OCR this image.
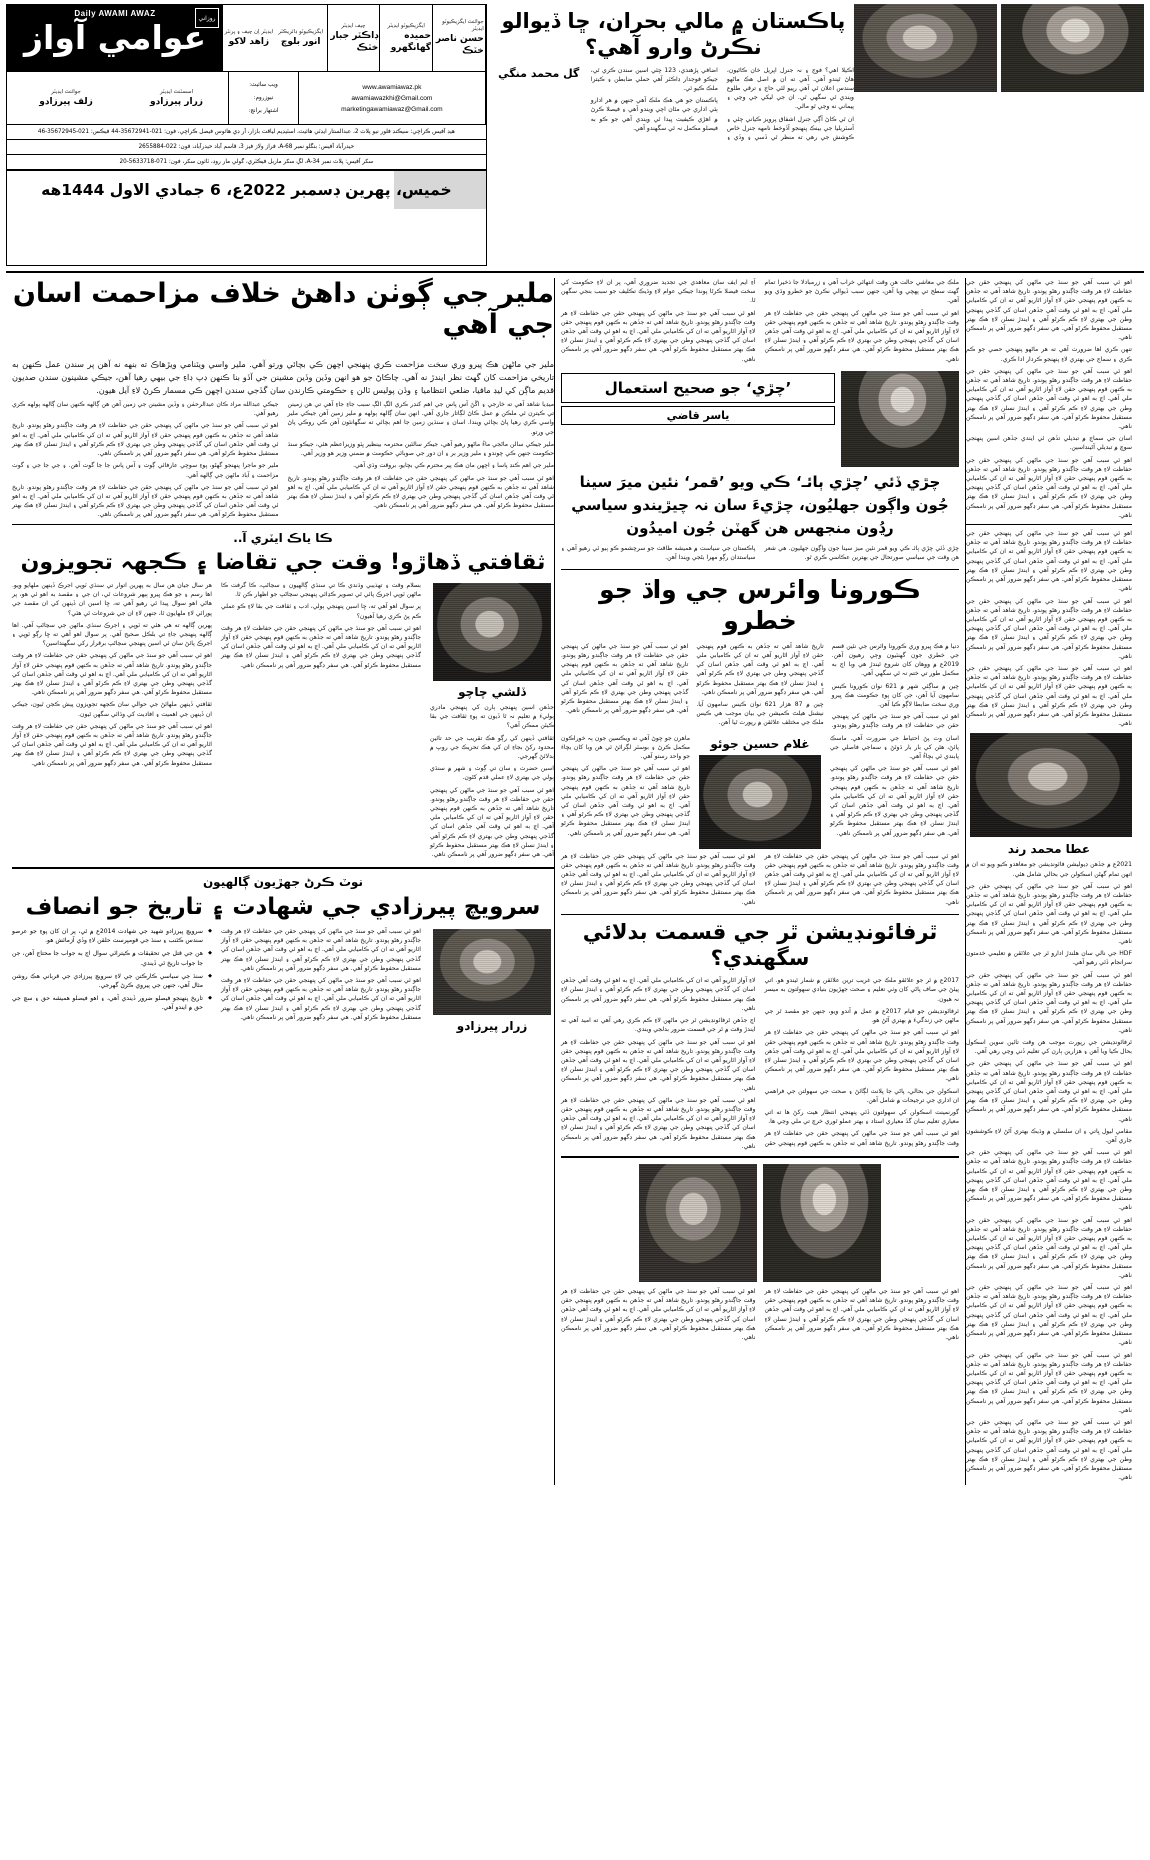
روزاني
Daily AWAMI AWAZ
عوامي آواز	ايڊيٽر اِن چيف ۽ پرنٽر
زاهد لاکو
ايگزيڪيوٽو ڊائريڪٽر
انور بلوچ
چيف ايڊيٽر
ڊاڪٽر جبار خٽڪ
ايگزيڪيوٽو ايڊيٽر
حميده گھانگھرو
جوائنٽ ايگزيڪيوٽو ايڊيٽر
حسن ناصر خٽڪ
جوائنٽ ايڊيٽر
زلف پيرزادو
اسسٽنٽ ايڊيٽر
زرار پيرزادو
ويب سائيٽ:
نيوزروم:
اشتهار برانچ:
www.awamiawaz.pk
awamiawazkhi@Gmail.com
marketingawamiawaz@Gmail.com
هيڊ آفيس ڪراچي: سيڪنڊ فلور نيو پلاٽ 2، عبدالستار ايڊٽي هائيٽ، اسٽيڊيم لياقت بازار، آر ڊي هائوس فيصل ڪراچي، فون: 021-35672941-44 فيڪس: 021-35672945-46
حيدرآباد آفيس: بنگلو نمبر A-68، فراز ولاز فيز 3، قاسم آباد حيدرآباد، فون: 022-2655884
سکر آفيس: پلاٽ نمبر A-34، لڳ سکر ماربل فيڪٽري، گولي مار روڊ، ٽائون سکر، فون: 071-5633718-20
خميس، پهرين ڊسمبر 2022ع، 6 جمادي الاول 1444هه
پاڪستان ۾ مالي بحران، ڇا ڏيوالو نڪرڻ وارو آهي؟
گل محمد منگي	اڪيلا اهي؟ فوج ۽ نہ جنرل اپريل خان ڪاٿيون، هاڻ ٿيندو آهي. آهي ته ان ۾ اصل هڪ ماڻهو سندس اعلان ٿي آهي رپيو لئي حاج ۽ ترقي طلوع ويندي ٿي سگهي ٿي. ان جي ليکي جي وڃي ۽ پيماني نه وڃي ٿو مالي.

ان ٿي ڪاڻ آڳي جنرل اشفاق پرويز ڪياني چئي ۽ آسٽريليا جي بينڪ پنهنجو آڏوخط نامهه جنرل خاص ڪوشش جي رهي ته منظر ٿي ڏسي ۽ وڏي ۽ اضافي پڙهندي، 123 چئي اسين سندن ڪري ٿي، جيڪو فوجدار ڊاڪٽر آهي حملي ضابطن ۽ ڪيترا ملڪ ڪيو ٿي.

پاڪستان جو هي هڪ ملڪ آهي جنهن ۾ هر ادارو ٻئي اداري جي مٿان اچي ويندو آهي ۽ فيصلا ڪرڻ ۾ اهڙي ڪيفيت پيدا ٿي ويندي آهي جو ڪو به فيصلو مڪمل نہ ٿي سگهندو آهي.

ملير جي ڳوٺن داهڻ خلاف مزاحمت اسان جي آهي

ملير جي ماڻهن هڪ پيرو وري سخت مزاحمت ڪري پنهنجي اچهن ڪي بچائي ورتو آهي. ملير واسي ويٽنامي ويڙهاڪ ته بنهه نه آهن پر سندن عمل ڪنهن به تاريخي مزاحمت کان گهٽ نظر ايندڙ نه آهي. چاڪاڻ جو هو انهن وڏين وڏين مشينن جي آڏو بنا ڪنهن ڊپ ڊاءِ جي بيهي رهيا آهن، جيڪي مشينون سندن صديون قديم ماڳن کي ليڊ مافيا، ضلعي انتظاميا ۽ وڏن پوليس ٽالن ۽ حڪومتي ڪارندن سان گڏجي سندن اچهن ڪي مسمار ڪرڻ لاءِ آيل هيون.

ميڊيا شاهد آهي ته خارجي ۽ اڱڻ آس پاس جي اهم کنڊر ڪري الڳ الڳ سبب جاءِ جاءِ آهي تي هن زمينن تي ڪيترن ئي ملڪن ۾ عمل ڪاڻ لڳاتار جاري آهي. انهن سان ڳالهه ٻولهه ۾ ملير زمين آهن جيڪي ملير واسي ڪري رهيا پاڻ بچائي ويندا. اسان ۽ سنڌين زمين جا اهم بچائي ته سگهانئون آهن ڪي روڪي پاڻ جي ورتو.

ملير جيڪي سالن ماڻجي ماءُ ماڻهو رهيو آهي، جيڪر سالئين محترمہ بينظير ڀٽو وزيراعظم هئي، جيڪو سنڌ حڪومت جنهن ڪي چوندو ۽ ملير وزير بر ۽ ان دور جي صوبائي حڪومت ۾ ضمني وزير هو وزير آهي.

ملير جي اهم ڪنڊ پاسا ۽ اچهن مان هڪ پير محترم ڪي بچايو، بروقت وڌي آهي.

اهو ئي سبب آهي جو سنڌ جي ماڻهن کي پنهنجي حقن جي حفاظت لاءِ هر وقت جاڳندو رهڻو پوندو. تاريخ شاهد آهي ته جڏهن به ڪنهن قوم پنهنجي حقن لاءِ آواز اٿاريو آهي ته ان کي ڪاميابي ملي آهي. اڄ به اهو ئي وقت آهي جڏهن اسان کي گڏجي پنهنجي وطن جي بهتري لاءِ ڪم ڪرڻو آهي ۽ ايندڙ نسلن لاءِ هڪ بهتر مستقبل محفوظ ڪرڻو آهي. هي سفر ڊگهو ضرور آهي پر ناممڪن ناهي.

جيڪي عبدالله مراد ڪان عبدالرحمٰن ۽ وڏين مشينن جي زمين آهن هن ڳالهه ڪنهن سان ڳالهه ٻولهه ڪري رهيو آهي.

اهو ئي سبب آهي جو سنڌ جي ماڻهن کي پنهنجي حقن جي حفاظت لاءِ هر وقت جاڳندو رهڻو پوندو. تاريخ شاهد آهي ته جڏهن به ڪنهن قوم پنهنجي حقن لاءِ آواز اٿاريو آهي ته ان کي ڪاميابي ملي آهي. اڄ به اهو ئي وقت آهي جڏهن اسان کي گڏجي پنهنجي وطن جي بهتري لاءِ ڪم ڪرڻو آهي ۽ ايندڙ نسلن لاءِ هڪ بهتر مستقبل محفوظ ڪرڻو آهي. هي سفر ڊگهو ضرور آهي پر ناممڪن ناهي.

ملير جو ماجرا پنهنجو گهڻو، پوءِ سوچي عارفائي ڳوٺ ۽ آس پاس جا جا گوٺ آهن. ۽ جي جا جي ۽ گوٺ مزاحمت ۽ آباد ماڻهن جي ڳالهه آهي.

اهو ئي سبب آهي جو سنڌ جي ماڻهن کي پنهنجي حقن جي حفاظت لاءِ هر وقت جاڳندو رهڻو پوندو. تاريخ شاهد آهي ته جڏهن به ڪنهن قوم پنهنجي حقن لاءِ آواز اٿاريو آهي ته ان کي ڪاميابي ملي آهي. اڄ به اهو ئي وقت آهي جڏهن اسان کي گڏجي پنهنجي وطن جي بهتري لاءِ ڪم ڪرڻو آهي ۽ ايندڙ نسلن لاءِ هڪ بهتر مستقبل محفوظ ڪرڻو آهي. هي سفر ڊگهو ضرور آهي پر ناممڪن ناهي.

ڪا ياڪ ايٽري آ..
ثقافتي ڏهاڙو! وقت جي تقاضا ۽ ڪجهہ تجويزون

هر سال جيان هن سال به پهرين اتوار تي سنڌي ٽوپي اجرڪ ڏينهن ملهايو ويو. اها رسم ۽ جو هڪ ڀيرو ٻيهر شروعات ٿي، ان جي ۽ مقصد به اهو ئي هو، پر هاڻي اهو سوال پيدا ٿي رهيو آهي ته، ڇا اسين ان ڏينهن کي ان مقصد جي پورائي لاءِ ملهايون ٿا، جنهن لاءِ ان جي شروعات ٿي هئي؟

پهرين ڳالهه ته هي هئي ته ٽوپي ۽ اجرڪ سنڌي ماڻهن جي سڃاڻپ آهي. اها ڳالهه پنهنجي جاءِ تي بلڪل صحيح آهي. پر سوال اهو آهي ته ڇا رڳو ٽوپي ۽ اجرڪ پائڻ سان ئي اسين پنهنجي سڃاڻپ برقرار رکي سگهنداسين؟

اهو ئي سبب آهي جو سنڌ جي ماڻهن کي پنهنجي حقن جي حفاظت لاءِ هر وقت جاڳندو رهڻو پوندو. تاريخ شاهد آهي ته جڏهن به ڪنهن قوم پنهنجي حقن لاءِ آواز اٿاريو آهي ته ان کي ڪاميابي ملي آهي. اڄ به اهو ئي وقت آهي جڏهن اسان کي گڏجي پنهنجي وطن جي بهتري لاءِ ڪم ڪرڻو آهي ۽ ايندڙ نسلن لاءِ هڪ بهتر مستقبل محفوظ ڪرڻو آهي. هي سفر ڊگهو ضرور آهي پر ناممڪن ناهي.

ثقافتي ڏينهن ملهائڻ جي حوالي سان ڪجهه تجويزون پيش ڪجن ٿيون، جيڪي ان ڏينهن جي اهميت ۽ افاديت کي وڌائي سگهن ٿيون.

اهو ئي سبب آهي جو سنڌ جي ماڻهن کي پنهنجي حقن جي حفاظت لاءِ هر وقت جاڳندو رهڻو پوندو. تاريخ شاهد آهي ته جڏهن به ڪنهن قوم پنهنجي حقن لاءِ آواز اٿاريو آهي ته ان کي ڪاميابي ملي آهي. اڄ به اهو ئي وقت آهي جڏهن اسان کي گڏجي پنهنجي وطن جي بهتري لاءِ ڪم ڪرڻو آهي ۽ ايندڙ نسلن لاءِ هڪ بهتر مستقبل محفوظ ڪرڻو آهي. هي سفر ڊگهو ضرور آهي پر ناممڪن ناهي.

بسلام وقت ۽ تهذيبي وڌندي ڪا تي سنڌي ڳالهيون ۽ سڃاڻپ، ڪا گرفت ڪا ماڻهن ٽوپي اجرڪ پائي ٿي تصوير ڪڍائي پنهنجي سڃاڻپ جو اظهار ڪن ٿا.

پر سوال اهو آهي ته، ڇا اسين پنهنجي ٻولي، ادب ۽ ثقافت جي بقا لاءِ ڪو عملي ڪم پڻ ڪري رهيا آهيون؟

اهو ئي سبب آهي جو سنڌ جي ماڻهن کي پنهنجي حقن جي حفاظت لاءِ هر وقت جاڳندو رهڻو پوندو. تاريخ شاهد آهي ته جڏهن به ڪنهن قوم پنهنجي حقن لاءِ آواز اٿاريو آهي ته ان کي ڪاميابي ملي آهي. اڄ به اهو ئي وقت آهي جڏهن اسان کي گڏجي پنهنجي وطن جي بهتري لاءِ ڪم ڪرڻو آهي ۽ ايندڙ نسلن لاءِ هڪ بهتر مستقبل محفوظ ڪرڻو آهي. هي سفر ڊگهو ضرور آهي پر ناممڪن ناهي.

ڏلشي چاچو

جڏهن اسين پنهنجي ٻارن کي پنهنجي مادري ٻوليءَ ۾ تعليم نہ ٿا ڏيون ته پوءِ ثقافت جي بقا ڪيئن ممڪن آهي؟

ثقافتي ڏينهن کي رڳو هڪ تقريب جي حد تائين محدود رکڻ بجاءِ ان کي هڪ تحريڪ جي روپ ۾ بدلائڻ گهرجي.

اسين حضرت ۽ سان تي ڳوٺ ۽ شهر ۾ سنڌي ٻولي جي بهتري لاءِ عملي قدم کڻون.

اهو ئي سبب آهي جو سنڌ جي ماڻهن کي پنهنجي حقن جي حفاظت لاءِ هر وقت جاڳندو رهڻو پوندو. تاريخ شاهد آهي ته جڏهن به ڪنهن قوم پنهنجي حقن لاءِ آواز اٿاريو آهي ته ان کي ڪاميابي ملي آهي. اڄ به اهو ئي وقت آهي جڏهن اسان کي گڏجي پنهنجي وطن جي بهتري لاءِ ڪم ڪرڻو آهي ۽ ايندڙ نسلن لاءِ هڪ بهتر مستقبل محفوظ ڪرڻو آهي. هي سفر ڊگهو ضرور آهي پر ناممڪن ناهي.

نوٽ ڪرڻ جهڙيون ڳالهيون
سرويچ پيرزادي جي شهادت ۽ تاريخ جو انصاف
◆ سرويچ پيرزادو شهيد جي شهادت 2014ع ۾ ٿي، پر ان کان پوءِ جو عرصو سندس ڪٽنب ۽ سنڌ جي قومپرست حلقن لاءِ وڏي آزمائش هو.
◆ هن جي قتل جي تحقيقات ۾ ڪيترائي سوال اڄ به جواب جا محتاج آهن، جن جا جواب تاريخ ئي ڏيندي.
◆ سنڌ جي سياسي ڪارڪنن جي لاءِ سرويچ پيرزادي جي قرباني هڪ روشن مثال آهي، جنهن جي پيروي ڪرڻ گهرجي.
◆ تاريخ پنهنجو فيصلو ضرور ڏيندي آهي، ۽ اهو فيصلو هميشه حق ۽ سچ جي حق ۾ ايندو آهي.

اهو ئي سبب آهي جو سنڌ جي ماڻهن کي پنهنجي حقن جي حفاظت لاءِ هر وقت جاڳندو رهڻو پوندو. تاريخ شاهد آهي ته جڏهن به ڪنهن قوم پنهنجي حقن لاءِ آواز اٿاريو آهي ته ان کي ڪاميابي ملي آهي. اڄ به اهو ئي وقت آهي جڏهن اسان کي گڏجي پنهنجي وطن جي بهتري لاءِ ڪم ڪرڻو آهي ۽ ايندڙ نسلن لاءِ هڪ بهتر مستقبل محفوظ ڪرڻو آهي. هي سفر ڊگهو ضرور آهي پر ناممڪن ناهي.

اهو ئي سبب آهي جو سنڌ جي ماڻهن کي پنهنجي حقن جي حفاظت لاءِ هر وقت جاڳندو رهڻو پوندو. تاريخ شاهد آهي ته جڏهن به ڪنهن قوم پنهنجي حقن لاءِ آواز اٿاريو آهي ته ان کي ڪاميابي ملي آهي. اڄ به اهو ئي وقت آهي جڏهن اسان کي گڏجي پنهنجي وطن جي بهتري لاءِ ڪم ڪرڻو آهي ۽ ايندڙ نسلن لاءِ هڪ بهتر مستقبل محفوظ ڪرڻو آهي. هي سفر ڊگهو ضرور آهي پر ناممڪن ناهي.

زرار پيرزادو

ملڪ جي معاشي حالت هن وقت انتهائي خراب آهي ۽ زرمبادلا جا ذخيرا تمام گهٽ سطح تي پهچي ويا آهن، جنهن سبب ڏيوالي نڪرڻ جو خطرو وڌي ويو آهي.

اهو ئي سبب آهي جو سنڌ جي ماڻهن کي پنهنجي حقن جي حفاظت لاءِ هر وقت جاڳندو رهڻو پوندو. تاريخ شاهد آهي ته جڏهن به ڪنهن قوم پنهنجي حقن لاءِ آواز اٿاريو آهي ته ان کي ڪاميابي ملي آهي. اڄ به اهو ئي وقت آهي جڏهن اسان کي گڏجي پنهنجي وطن جي بهتري لاءِ ڪم ڪرڻو آهي ۽ ايندڙ نسلن لاءِ هڪ بهتر مستقبل محفوظ ڪرڻو آهي. هي سفر ڊگهو ضرور آهي پر ناممڪن ناهي.

آءِ ايم ايف سان معاهدي جي تجديد ضروري آهي، پر ان لاءِ حڪومت کي سخت فيصلا ڪرڻا پوندا جيڪي عوام لاءِ وڌيڪ تڪليف جو سبب بنجي سگهن ٿا.

اهو ئي سبب آهي جو سنڌ جي ماڻهن کي پنهنجي حقن جي حفاظت لاءِ هر وقت جاڳندو رهڻو پوندو. تاريخ شاهد آهي ته جڏهن به ڪنهن قوم پنهنجي حقن لاءِ آواز اٿاريو آهي ته ان کي ڪاميابي ملي آهي. اڄ به اهو ئي وقت آهي جڏهن اسان کي گڏجي پنهنجي وطن جي بهتري لاءِ ڪم ڪرڻو آهي ۽ ايندڙ نسلن لاءِ هڪ بهتر مستقبل محفوظ ڪرڻو آهي. هي سفر ڊگهو ضرور آهي پر ناممڪن ناهي.

’چڙي‘ جو صحيح استعمال
ياسر قاضي
چڙي ڏئي ’چڙي ٻائـ‘ ڪي ويو ’قمر‘ نئين ميرَ سينا جُون واڳون جهليُون، چڙيءَ سان نہ چيڙيندو سياسي رڍُون منجهس هن گهٽن جُون اميدُون

چڙي ڏئي چڙي ٻائـ ڪي ويو قمر نئين ميرَ سينا جون واڳون جهليون. هي شعر هن وقت جي سياسي صورتحال جي بهترين عڪاسي ڪري ٿو.

پاڪستان جي سياست ۾ هميشه طاقت جو سرچشمو ڪو ٻيو ئي رهيو آهي ۽ سياستدان رڳو مهرا بڻجي ويندا آهن.

ڪورونا وائرس جي واڌ جو خطرو

دنيا ۾ هڪ ڀيرو وري ڪورونا وائرس جي نئين قسم جي خطري جون گهنٽيون وڄي رهيون آهن. 2019ع ۾ ووهان کان شروع ٿيندڙ هي وبا اڄ به مڪمل طور تي ختم نہ ٿي سگهي آهي.

چين ۾ ساڳئي شهر ۾ 621 نوان ڪورونا ڪيس سامهون آيا آهن، جن کان پوءِ حڪومت هڪ ڀيرو وري سخت ضابطا لاڳو ڪيا آهن.

اهو ئي سبب آهي جو سنڌ جي ماڻهن کي پنهنجي حقن جي حفاظت لاءِ هر وقت جاڳندو رهڻو پوندو. تاريخ شاهد آهي ته جڏهن به ڪنهن قوم پنهنجي حقن لاءِ آواز اٿاريو آهي ته ان کي ڪاميابي ملي آهي. اڄ به اهو ئي وقت آهي جڏهن اسان کي گڏجي پنهنجي وطن جي بهتري لاءِ ڪم ڪرڻو آهي ۽ ايندڙ نسلن لاءِ هڪ بهتر مستقبل محفوظ ڪرڻو آهي. هي سفر ڊگهو ضرور آهي پر ناممڪن ناهي.

چين ۾ 87 هزار 621 نوان ڪيس سامهون آيا. نيشنل هيلٿ ڪميشن جي بيان موجب هي ڪيس ملڪ جي مختلف علائقن ۾ رپورٽ ٿيا آهن.

اهو ئي سبب آهي جو سنڌ جي ماڻهن کي پنهنجي حقن جي حفاظت لاءِ هر وقت جاڳندو رهڻو پوندو. تاريخ شاهد آهي ته جڏهن به ڪنهن قوم پنهنجي حقن لاءِ آواز اٿاريو آهي ته ان کي ڪاميابي ملي آهي. اڄ به اهو ئي وقت آهي جڏهن اسان کي گڏجي پنهنجي وطن جي بهتري لاءِ ڪم ڪرڻو آهي ۽ ايندڙ نسلن لاءِ هڪ بهتر مستقبل محفوظ ڪرڻو آهي. هي سفر ڊگهو ضرور آهي پر ناممڪن ناهي.

ماهرن جو چوڻ آهي ته ويڪسين جون ٻہ خوراڪون مڪمل ڪرڻ ۽ بوسٽر لڳرائڻ ئي هن وبا کان بچاءَ جو واحد رستو آهي.

اهو ئي سبب آهي جو سنڌ جي ماڻهن کي پنهنجي حقن جي حفاظت لاءِ هر وقت جاڳندو رهڻو پوندو. تاريخ شاهد آهي ته جڏهن به ڪنهن قوم پنهنجي حقن لاءِ آواز اٿاريو آهي ته ان کي ڪاميابي ملي آهي. اڄ به اهو ئي وقت آهي جڏهن اسان کي گڏجي پنهنجي وطن جي بهتري لاءِ ڪم ڪرڻو آهي ۽ ايندڙ نسلن لاءِ هڪ بهتر مستقبل محفوظ ڪرڻو آهي. هي سفر ڊگهو ضرور آهي پر ناممڪن ناهي.

غلام حسين جوئو	اسان وٽ پڻ احتياط جي ضرورت آهي. ماسڪ پائڻ، هٿن کي بار بار ڌوئڻ ۽ سماجي فاصلي جي پابندي ئي بچاءُ آهي.

اهو ئي سبب آهي جو سنڌ جي ماڻهن کي پنهنجي حقن جي حفاظت لاءِ هر وقت جاڳندو رهڻو پوندو. تاريخ شاهد آهي ته جڏهن به ڪنهن قوم پنهنجي حقن لاءِ آواز اٿاريو آهي ته ان کي ڪاميابي ملي آهي. اڄ به اهو ئي وقت آهي جڏهن اسان کي گڏجي پنهنجي وطن جي بهتري لاءِ ڪم ڪرڻو آهي ۽ ايندڙ نسلن لاءِ هڪ بهتر مستقبل محفوظ ڪرڻو آهي. هي سفر ڊگهو ضرور آهي پر ناممڪن ناهي.

اهو ئي سبب آهي جو سنڌ جي ماڻهن کي پنهنجي حقن جي حفاظت لاءِ هر وقت جاڳندو رهڻو پوندو. تاريخ شاهد آهي ته جڏهن به ڪنهن قوم پنهنجي حقن لاءِ آواز اٿاريو آهي ته ان کي ڪاميابي ملي آهي. اڄ به اهو ئي وقت آهي جڏهن اسان کي گڏجي پنهنجي وطن جي بهتري لاءِ ڪم ڪرڻو آهي ۽ ايندڙ نسلن لاءِ هڪ بهتر مستقبل محفوظ ڪرڻو آهي. هي سفر ڊگهو ضرور آهي پر ناممڪن ناهي.

اهو ئي سبب آهي جو سنڌ جي ماڻهن کي پنهنجي حقن جي حفاظت لاءِ هر وقت جاڳندو رهڻو پوندو. تاريخ شاهد آهي ته جڏهن به ڪنهن قوم پنهنجي حقن لاءِ آواز اٿاريو آهي ته ان کي ڪاميابي ملي آهي. اڄ به اهو ئي وقت آهي جڏهن اسان کي گڏجي پنهنجي وطن جي بهتري لاءِ ڪم ڪرڻو آهي ۽ ايندڙ نسلن لاءِ هڪ بهتر مستقبل محفوظ ڪرڻو آهي. هي سفر ڊگهو ضرور آهي پر ناممڪن ناهي.

ٿرفائونڊيشن ٿر جي قسمت بدلائي سگهندي؟

2017ع ۾ ٿر جو علائقو ملڪ جي غريب ترين علائقن ۾ شمار ٿيندو هو. اتي پيئڻ جي صاف پاڻي کان وٺي تعليم ۽ صحت جهڙيون بنيادي سهولتون به ميسر نہ هيون.

ٿرفائونڊيشن جو قيام 2017ع ۾ عمل ۾ آندو ويو، جنهن جو مقصد ٿر جي ماڻهن جي زندگيءَ ۾ بهتري آڻڻ هو.

اهو ئي سبب آهي جو سنڌ جي ماڻهن کي پنهنجي حقن جي حفاظت لاءِ هر وقت جاڳندو رهڻو پوندو. تاريخ شاهد آهي ته جڏهن به ڪنهن قوم پنهنجي حقن لاءِ آواز اٿاريو آهي ته ان کي ڪاميابي ملي آهي. اڄ به اهو ئي وقت آهي جڏهن اسان کي گڏجي پنهنجي وطن جي بهتري لاءِ ڪم ڪرڻو آهي ۽ ايندڙ نسلن لاءِ هڪ بهتر مستقبل محفوظ ڪرڻو آهي. هي سفر ڊگهو ضرور آهي پر ناممڪن ناهي.

اسڪولن جي بحالي، پاڻي جا پلانٽ لڳائڻ ۽ صحت جي سهولتن جي فراهمي ان اداري جي ترجيحات ۾ شامل آهن.

گورنمينٽ اسڪولن کي سهولتون ڏئي پنهنجي انتظار هيٺ رکڻ ها ته اتي معياري تعليم سان گڏ معياري استاد ۽ بهتر عملو ٿوري خرچ تي ملي وڃي ها.

اهو ئي سبب آهي جو سنڌ جي ماڻهن کي پنهنجي حقن جي حفاظت لاءِ هر وقت جاڳندو رهڻو پوندو. تاريخ شاهد آهي ته جڏهن به ڪنهن قوم پنهنجي حقن لاءِ آواز اٿاريو آهي ته ان کي ڪاميابي ملي آهي. اڄ به اهو ئي وقت آهي جڏهن اسان کي گڏجي پنهنجي وطن جي بهتري لاءِ ڪم ڪرڻو آهي ۽ ايندڙ نسلن لاءِ هڪ بهتر مستقبل محفوظ ڪرڻو آهي. هي سفر ڊگهو ضرور آهي پر ناممڪن ناهي.

اڄ جڏهن ٿرفائونڊيشن ٿر جي ماڻهن لاءِ ڪم ڪري رهي آهي ته اميد آهي ته ايندڙ وقت ۾ ٿر جي قسمت ضرور بدلجي ويندي.

اهو ئي سبب آهي جو سنڌ جي ماڻهن کي پنهنجي حقن جي حفاظت لاءِ هر وقت جاڳندو رهڻو پوندو. تاريخ شاهد آهي ته جڏهن به ڪنهن قوم پنهنجي حقن لاءِ آواز اٿاريو آهي ته ان کي ڪاميابي ملي آهي. اڄ به اهو ئي وقت آهي جڏهن اسان کي گڏجي پنهنجي وطن جي بهتري لاءِ ڪم ڪرڻو آهي ۽ ايندڙ نسلن لاءِ هڪ بهتر مستقبل محفوظ ڪرڻو آهي. هي سفر ڊگهو ضرور آهي پر ناممڪن ناهي.

اهو ئي سبب آهي جو سنڌ جي ماڻهن کي پنهنجي حقن جي حفاظت لاءِ هر وقت جاڳندو رهڻو پوندو. تاريخ شاهد آهي ته جڏهن به ڪنهن قوم پنهنجي حقن لاءِ آواز اٿاريو آهي ته ان کي ڪاميابي ملي آهي. اڄ به اهو ئي وقت آهي جڏهن اسان کي گڏجي پنهنجي وطن جي بهتري لاءِ ڪم ڪرڻو آهي ۽ ايندڙ نسلن لاءِ هڪ بهتر مستقبل محفوظ ڪرڻو آهي. هي سفر ڊگهو ضرور آهي پر ناممڪن ناهي.

اهو ئي سبب آهي جو سنڌ جي ماڻهن کي پنهنجي حقن جي حفاظت لاءِ هر وقت جاڳندو رهڻو پوندو. تاريخ شاهد آهي ته جڏهن به ڪنهن قوم پنهنجي حقن لاءِ آواز اٿاريو آهي ته ان کي ڪاميابي ملي آهي. اڄ به اهو ئي وقت آهي جڏهن اسان کي گڏجي پنهنجي وطن جي بهتري لاءِ ڪم ڪرڻو آهي ۽ ايندڙ نسلن لاءِ هڪ بهتر مستقبل محفوظ ڪرڻو آهي. هي سفر ڊگهو ضرور آهي پر ناممڪن ناهي.

اهو ئي سبب آهي جو سنڌ جي ماڻهن کي پنهنجي حقن جي حفاظت لاءِ هر وقت جاڳندو رهڻو پوندو. تاريخ شاهد آهي ته جڏهن به ڪنهن قوم پنهنجي حقن لاءِ آواز اٿاريو آهي ته ان کي ڪاميابي ملي آهي. اڄ به اهو ئي وقت آهي جڏهن اسان کي گڏجي پنهنجي وطن جي بهتري لاءِ ڪم ڪرڻو آهي ۽ ايندڙ نسلن لاءِ هڪ بهتر مستقبل محفوظ ڪرڻو آهي. هي سفر ڊگهو ضرور آهي پر ناممڪن ناهي.

اهو ئي سبب آهي جو سنڌ جي ماڻهن کي پنهنجي حقن جي حفاظت لاءِ هر وقت جاڳندو رهڻو پوندو. تاريخ شاهد آهي ته جڏهن به ڪنهن قوم پنهنجي حقن لاءِ آواز اٿاريو آهي ته ان کي ڪاميابي ملي آهي. اڄ به اهو ئي وقت آهي جڏهن اسان کي گڏجي پنهنجي وطن جي بهتري لاءِ ڪم ڪرڻو آهي ۽ ايندڙ نسلن لاءِ هڪ بهتر مستقبل محفوظ ڪرڻو آهي. هي سفر ڊگهو ضرور آهي پر ناممڪن ناهي.

تنهن ڪري اها ضرورت آهي ته هر ماڻهو پنهنجي حصي جو ڪم ڪري ۽ سماج جي بهتري لاءِ پنهنجو ڪردار ادا ڪري.

اهو ئي سبب آهي جو سنڌ جي ماڻهن کي پنهنجي حقن جي حفاظت لاءِ هر وقت جاڳندو رهڻو پوندو. تاريخ شاهد آهي ته جڏهن به ڪنهن قوم پنهنجي حقن لاءِ آواز اٿاريو آهي ته ان کي ڪاميابي ملي آهي. اڄ به اهو ئي وقت آهي جڏهن اسان کي گڏجي پنهنجي وطن جي بهتري لاءِ ڪم ڪرڻو آهي ۽ ايندڙ نسلن لاءِ هڪ بهتر مستقبل محفوظ ڪرڻو آهي. هي سفر ڊگهو ضرور آهي پر ناممڪن ناهي.

اسان جي سماج ۾ تبديلي تڏهن ئي ايندي جڏهن اسين پنهنجي سوچ ۾ تبديلي آڻينداسين.

اهو ئي سبب آهي جو سنڌ جي ماڻهن کي پنهنجي حقن جي حفاظت لاءِ هر وقت جاڳندو رهڻو پوندو. تاريخ شاهد آهي ته جڏهن به ڪنهن قوم پنهنجي حقن لاءِ آواز اٿاريو آهي ته ان کي ڪاميابي ملي آهي. اڄ به اهو ئي وقت آهي جڏهن اسان کي گڏجي پنهنجي وطن جي بهتري لاءِ ڪم ڪرڻو آهي ۽ ايندڙ نسلن لاءِ هڪ بهتر مستقبل محفوظ ڪرڻو آهي. هي سفر ڊگهو ضرور آهي پر ناممڪن ناهي.

اهو ئي سبب آهي جو سنڌ جي ماڻهن کي پنهنجي حقن جي حفاظت لاءِ هر وقت جاڳندو رهڻو پوندو. تاريخ شاهد آهي ته جڏهن به ڪنهن قوم پنهنجي حقن لاءِ آواز اٿاريو آهي ته ان کي ڪاميابي ملي آهي. اڄ به اهو ئي وقت آهي جڏهن اسان کي گڏجي پنهنجي وطن جي بهتري لاءِ ڪم ڪرڻو آهي ۽ ايندڙ نسلن لاءِ هڪ بهتر مستقبل محفوظ ڪرڻو آهي. هي سفر ڊگهو ضرور آهي پر ناممڪن ناهي.

اهو ئي سبب آهي جو سنڌ جي ماڻهن کي پنهنجي حقن جي حفاظت لاءِ هر وقت جاڳندو رهڻو پوندو. تاريخ شاهد آهي ته جڏهن به ڪنهن قوم پنهنجي حقن لاءِ آواز اٿاريو آهي ته ان کي ڪاميابي ملي آهي. اڄ به اهو ئي وقت آهي جڏهن اسان کي گڏجي پنهنجي وطن جي بهتري لاءِ ڪم ڪرڻو آهي ۽ ايندڙ نسلن لاءِ هڪ بهتر مستقبل محفوظ ڪرڻو آهي. هي سفر ڊگهو ضرور آهي پر ناممڪن ناهي.

اهو ئي سبب آهي جو سنڌ جي ماڻهن کي پنهنجي حقن جي حفاظت لاءِ هر وقت جاڳندو رهڻو پوندو. تاريخ شاهد آهي ته جڏهن به ڪنهن قوم پنهنجي حقن لاءِ آواز اٿاريو آهي ته ان کي ڪاميابي ملي آهي. اڄ به اهو ئي وقت آهي جڏهن اسان کي گڏجي پنهنجي وطن جي بهتري لاءِ ڪم ڪرڻو آهي ۽ ايندڙ نسلن لاءِ هڪ بهتر مستقبل محفوظ ڪرڻو آهي. هي سفر ڊگهو ضرور آهي پر ناممڪن ناهي.

عطا محمد رند

2021ع ۾ جڏهن ڊيوليشن فائونڊيشن جو معاهدو ڪيو ويو ته ان ۾ انهن تمام گهڻن اسڪولن جي بحالي شامل هئي.

اهو ئي سبب آهي جو سنڌ جي ماڻهن کي پنهنجي حقن جي حفاظت لاءِ هر وقت جاڳندو رهڻو پوندو. تاريخ شاهد آهي ته جڏهن به ڪنهن قوم پنهنجي حقن لاءِ آواز اٿاريو آهي ته ان کي ڪاميابي ملي آهي. اڄ به اهو ئي وقت آهي جڏهن اسان کي گڏجي پنهنجي وطن جي بهتري لاءِ ڪم ڪرڻو آهي ۽ ايندڙ نسلن لاءِ هڪ بهتر مستقبل محفوظ ڪرڻو آهي. هي سفر ڊگهو ضرور آهي پر ناممڪن ناهي.

HDF جي نالي سان هلندڙ ادارو ٿر جي علائقن ۾ تعليمي خدمتون سرانجام ڏئي رهيو آهي.

اهو ئي سبب آهي جو سنڌ جي ماڻهن کي پنهنجي حقن جي حفاظت لاءِ هر وقت جاڳندو رهڻو پوندو. تاريخ شاهد آهي ته جڏهن به ڪنهن قوم پنهنجي حقن لاءِ آواز اٿاريو آهي ته ان کي ڪاميابي ملي آهي. اڄ به اهو ئي وقت آهي جڏهن اسان کي گڏجي پنهنجي وطن جي بهتري لاءِ ڪم ڪرڻو آهي ۽ ايندڙ نسلن لاءِ هڪ بهتر مستقبل محفوظ ڪرڻو آهي. هي سفر ڊگهو ضرور آهي پر ناممڪن ناهي.

ٿرفائونڊيشن جي رپورٽ موجب هن وقت تائين سوين اسڪول بحال ڪيا ويا آهن ۽ هزارين ٻارن کي تعليم ڏني وڃي رهي آهي.

اهو ئي سبب آهي جو سنڌ جي ماڻهن کي پنهنجي حقن جي حفاظت لاءِ هر وقت جاڳندو رهڻو پوندو. تاريخ شاهد آهي ته جڏهن به ڪنهن قوم پنهنجي حقن لاءِ آواز اٿاريو آهي ته ان کي ڪاميابي ملي آهي. اڄ به اهو ئي وقت آهي جڏهن اسان کي گڏجي پنهنجي وطن جي بهتري لاءِ ڪم ڪرڻو آهي ۽ ايندڙ نسلن لاءِ هڪ بهتر مستقبل محفوظ ڪرڻو آهي. هي سفر ڊگهو ضرور آهي پر ناممڪن ناهي.

مقامي ليول ڀاتي ۽ ان سلسلي ۾ وڌيڪ بهتري آڻڻ لاءِ ڪوششون جاري آهن.

اهو ئي سبب آهي جو سنڌ جي ماڻهن کي پنهنجي حقن جي حفاظت لاءِ هر وقت جاڳندو رهڻو پوندو. تاريخ شاهد آهي ته جڏهن به ڪنهن قوم پنهنجي حقن لاءِ آواز اٿاريو آهي ته ان کي ڪاميابي ملي آهي. اڄ به اهو ئي وقت آهي جڏهن اسان کي گڏجي پنهنجي وطن جي بهتري لاءِ ڪم ڪرڻو آهي ۽ ايندڙ نسلن لاءِ هڪ بهتر مستقبل محفوظ ڪرڻو آهي. هي سفر ڊگهو ضرور آهي پر ناممڪن ناهي.

اهو ئي سبب آهي جو سنڌ جي ماڻهن کي پنهنجي حقن جي حفاظت لاءِ هر وقت جاڳندو رهڻو پوندو. تاريخ شاهد آهي ته جڏهن به ڪنهن قوم پنهنجي حقن لاءِ آواز اٿاريو آهي ته ان کي ڪاميابي ملي آهي. اڄ به اهو ئي وقت آهي جڏهن اسان کي گڏجي پنهنجي وطن جي بهتري لاءِ ڪم ڪرڻو آهي ۽ ايندڙ نسلن لاءِ هڪ بهتر مستقبل محفوظ ڪرڻو آهي. هي سفر ڊگهو ضرور آهي پر ناممڪن ناهي.

اهو ئي سبب آهي جو سنڌ جي ماڻهن کي پنهنجي حقن جي حفاظت لاءِ هر وقت جاڳندو رهڻو پوندو. تاريخ شاهد آهي ته جڏهن به ڪنهن قوم پنهنجي حقن لاءِ آواز اٿاريو آهي ته ان کي ڪاميابي ملي آهي. اڄ به اهو ئي وقت آهي جڏهن اسان کي گڏجي پنهنجي وطن جي بهتري لاءِ ڪم ڪرڻو آهي ۽ ايندڙ نسلن لاءِ هڪ بهتر مستقبل محفوظ ڪرڻو آهي. هي سفر ڊگهو ضرور آهي پر ناممڪن ناهي.

اهو ئي سبب آهي جو سنڌ جي ماڻهن کي پنهنجي حقن جي حفاظت لاءِ هر وقت جاڳندو رهڻو پوندو. تاريخ شاهد آهي ته جڏهن به ڪنهن قوم پنهنجي حقن لاءِ آواز اٿاريو آهي ته ان کي ڪاميابي ملي آهي. اڄ به اهو ئي وقت آهي جڏهن اسان کي گڏجي پنهنجي وطن جي بهتري لاءِ ڪم ڪرڻو آهي ۽ ايندڙ نسلن لاءِ هڪ بهتر مستقبل محفوظ ڪرڻو آهي. هي سفر ڊگهو ضرور آهي پر ناممڪن ناهي.

اهو ئي سبب آهي جو سنڌ جي ماڻهن کي پنهنجي حقن جي حفاظت لاءِ هر وقت جاڳندو رهڻو پوندو. تاريخ شاهد آهي ته جڏهن به ڪنهن قوم پنهنجي حقن لاءِ آواز اٿاريو آهي ته ان کي ڪاميابي ملي آهي. اڄ به اهو ئي وقت آهي جڏهن اسان کي گڏجي پنهنجي وطن جي بهتري لاءِ ڪم ڪرڻو آهي ۽ ايندڙ نسلن لاءِ هڪ بهتر مستقبل محفوظ ڪرڻو آهي. هي سفر ڊگهو ضرور آهي پر ناممڪن ناهي.
